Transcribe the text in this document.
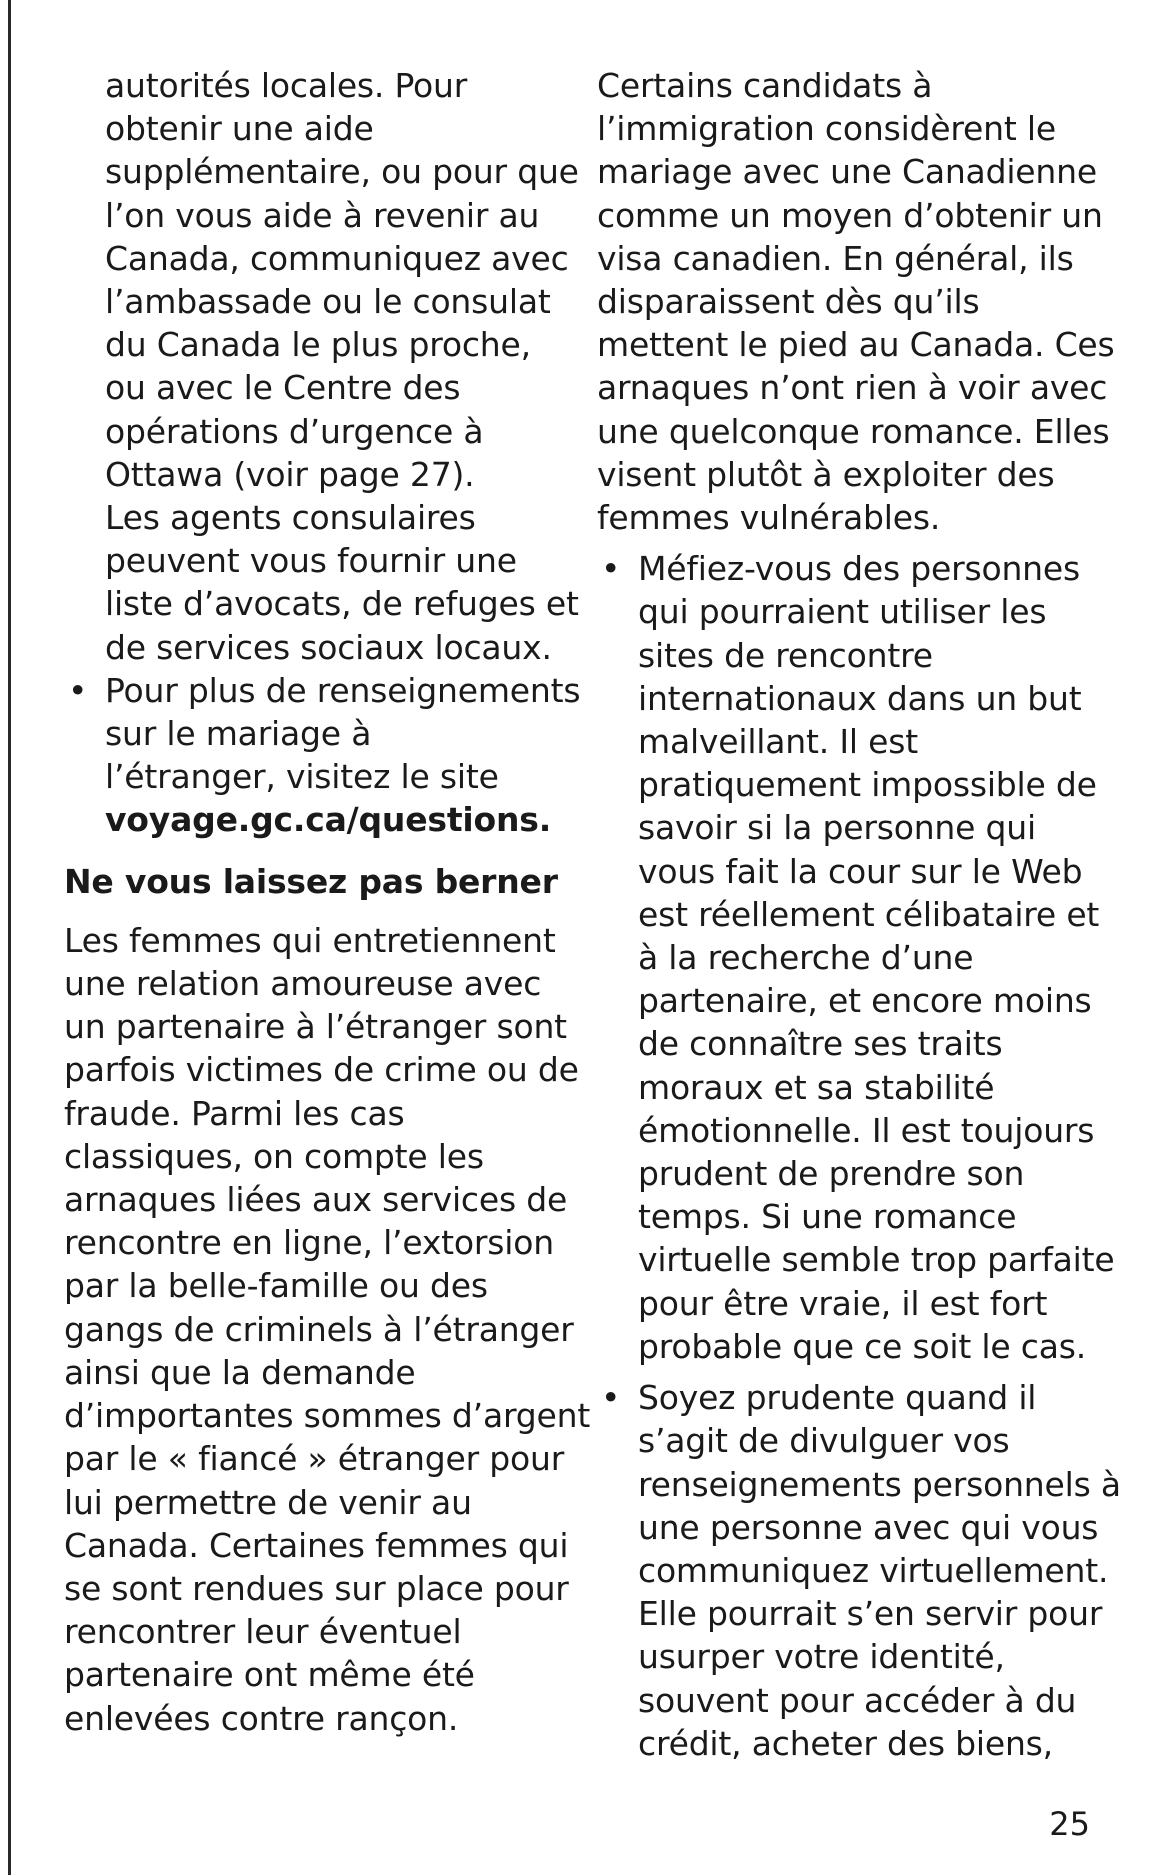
autorités locales. Pour
obtenir une aide
supplémentaire, ou pour que
l’on vous aide à revenir au
Canada, communiquez avec
l’ambassade ou le consulat
du Canada le plus proche,
ou avec le Centre des
opérations d’urgence à
Ottawa (voir page 27).
Les agents consulaires
peuvent vous fournir une
liste d’avocats, de refuges et
de services sociaux locaux.
• Pour plus de renseignements
sur le mariage à
l’étranger, visitez le site
voyage.gc.ca/questions.
Ne vous laissez pas berner
Les femmes qui entretiennent
une relation amoureuse avec
un partenaire à l’étranger sont
parfois victimes de crime ou de
fraude. Parmi les cas
classiques, on compte les
arnaques liées aux services de
rencontre en ligne, l’extorsion
par la belle-famille ou des
gangs de criminels à l’étranger
ainsi que la demande
d’importantes sommes d’argent
par le « fiancé » étranger pour
lui permettre de venir au
Canada. Certaines femmes qui
se sont rendues sur place pour
rencontrer leur éventuel
partenaire ont même été
enlevées contre rançon.
Certains candidats à
l’immigration considèrent le
mariage avec une Canadienne
comme un moyen d’obtenir un
visa canadien. En général, ils
disparaissent dès qu’ils
mettent le pied au Canada. Ces
arnaques n’ont rien à voir avec
une quelconque romance. Elles
visent plutôt à exploiter des
femmes vulnérables.
• Méfiez-vous des personnes
qui pourraient utiliser les
sites de rencontre
internationaux dans un but
malveillant. Il est
pratiquement impossible de
savoir si la personne qui
vous fait la cour sur le Web
est réellement célibataire et
à la recherche d’une
partenaire, et encore moins
de connaître ses traits
moraux et sa stabilité
émotionnelle. Il est toujours
prudent de prendre son
temps. Si une romance
virtuelle semble trop parfaite
pour être vraie, il est fort
probable que ce soit le cas.
• Soyez prudente quand il
s’agit de divulguer vos
renseignements personnels à
une personne avec qui vous
communiquez virtuellement.
Elle pourrait s’en servir pour
usurper votre identité,
souvent pour accéder à du
crédit, acheter des biens,
25
